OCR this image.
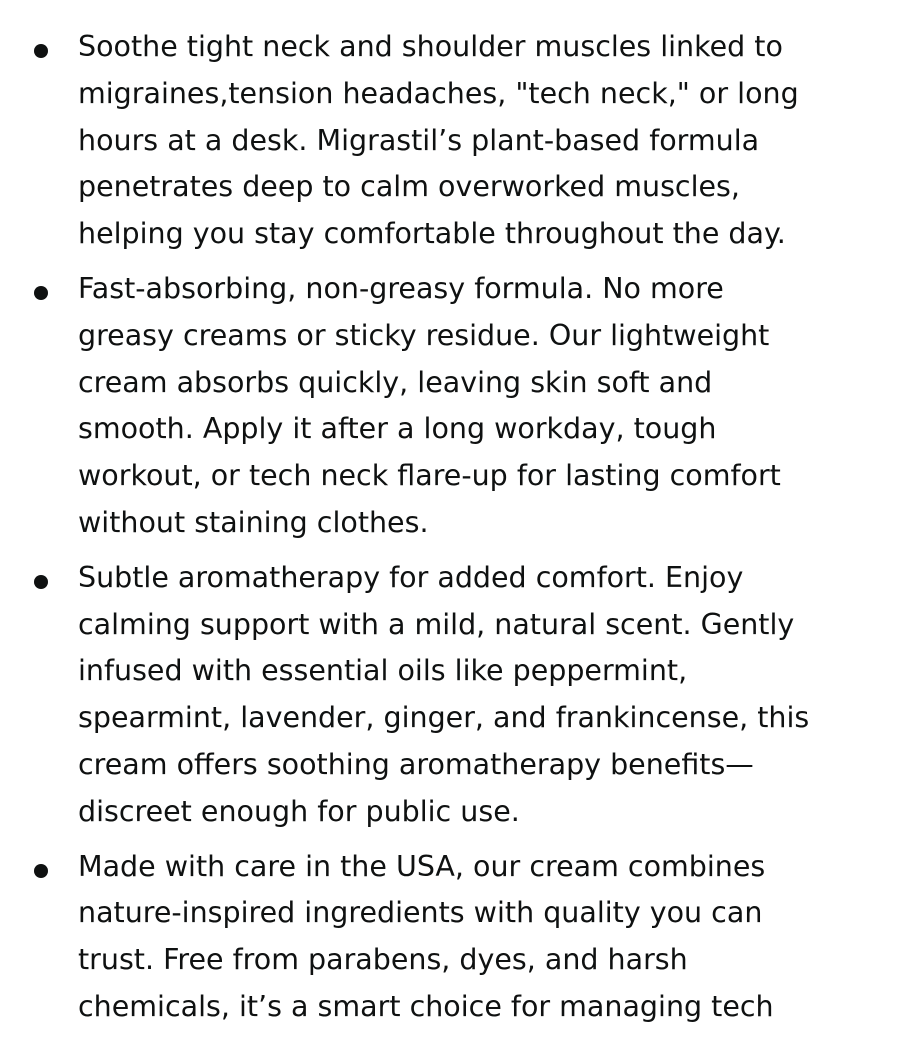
Soothe tight neck and shoulder muscles linked to
migraines,tension headaches, "tech neck," or long
hours at a desk. Migrastil’s plant-based formula
penetrates deep to calm overworked muscles,
helping you stay comfortable throughout the day.
Fast-absorbing, non-greasy formula. No more
greasy creams or sticky residue. Our lightweight
cream absorbs quickly, leaving skin soft and
smooth. Apply it after a long workday, tough
workout, or tech neck flare-up for lasting comfort
without staining clothes.
Subtle aromatherapy for added comfort. Enjoy
calming support with a mild, natural scent. Gently
infused with essential oils like peppermint,
spearmint, lavender, ginger, and frankincense, this
cream offers soothing aromatherapy benefits—
discreet enough for public use.
Made with care in the USA, our cream combines
nature-inspired ingredients with quality you can
trust. Free from parabens, dyes, and harsh
chemicals, it’s a smart choice for managing tech
